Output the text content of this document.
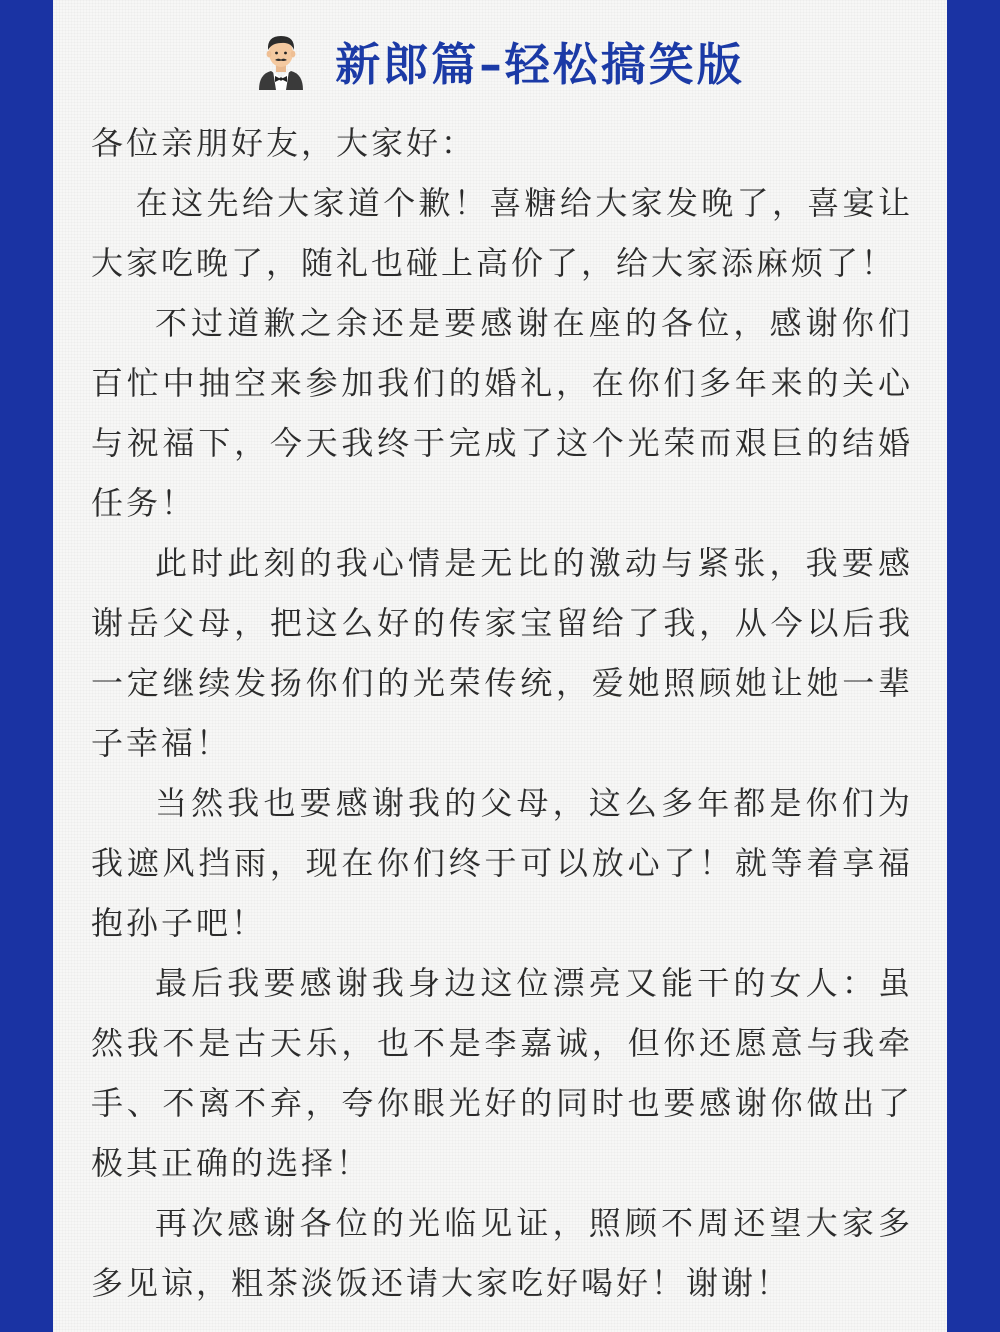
新郎篇–轻松搞笑版

各位亲朋好友，大家好：

在这先给大家道个歉！喜糖给大家发晚了，喜宴让大家吃晚了，随礼也碰上高价了，给大家添麻烦了！

不过道歉之余还是要感谢在座的各位，感谢你们百忙中抽空来参加我们的婚礼，在你们多年来的关心与祝福下，今天我终于完成了这个光荣而艰巨的结婚任务！

此时此刻的我心情是无比的激动与紧张，我要感谢岳父母，把这么好的传家宝留给了我，从今以后我一定继续发扬你们的光荣传统，爱她照顾她让她一辈子幸福！

当然我也要感谢我的父母，这么多年都是你们为我遮风挡雨，现在你们终于可以放心了！就等着享福抱孙子吧！

最后我要感谢我身边这位漂亮又能干的女人：虽然我不是古天乐，也不是李嘉诚，但你还愿意与我牵手、不离不弃，夸你眼光好的同时也要感谢你做出了极其正确的选择！

再次感谢各位的光临见证，照顾不周还望大家多多见谅，粗茶淡饭还请大家吃好喝好！谢谢！
